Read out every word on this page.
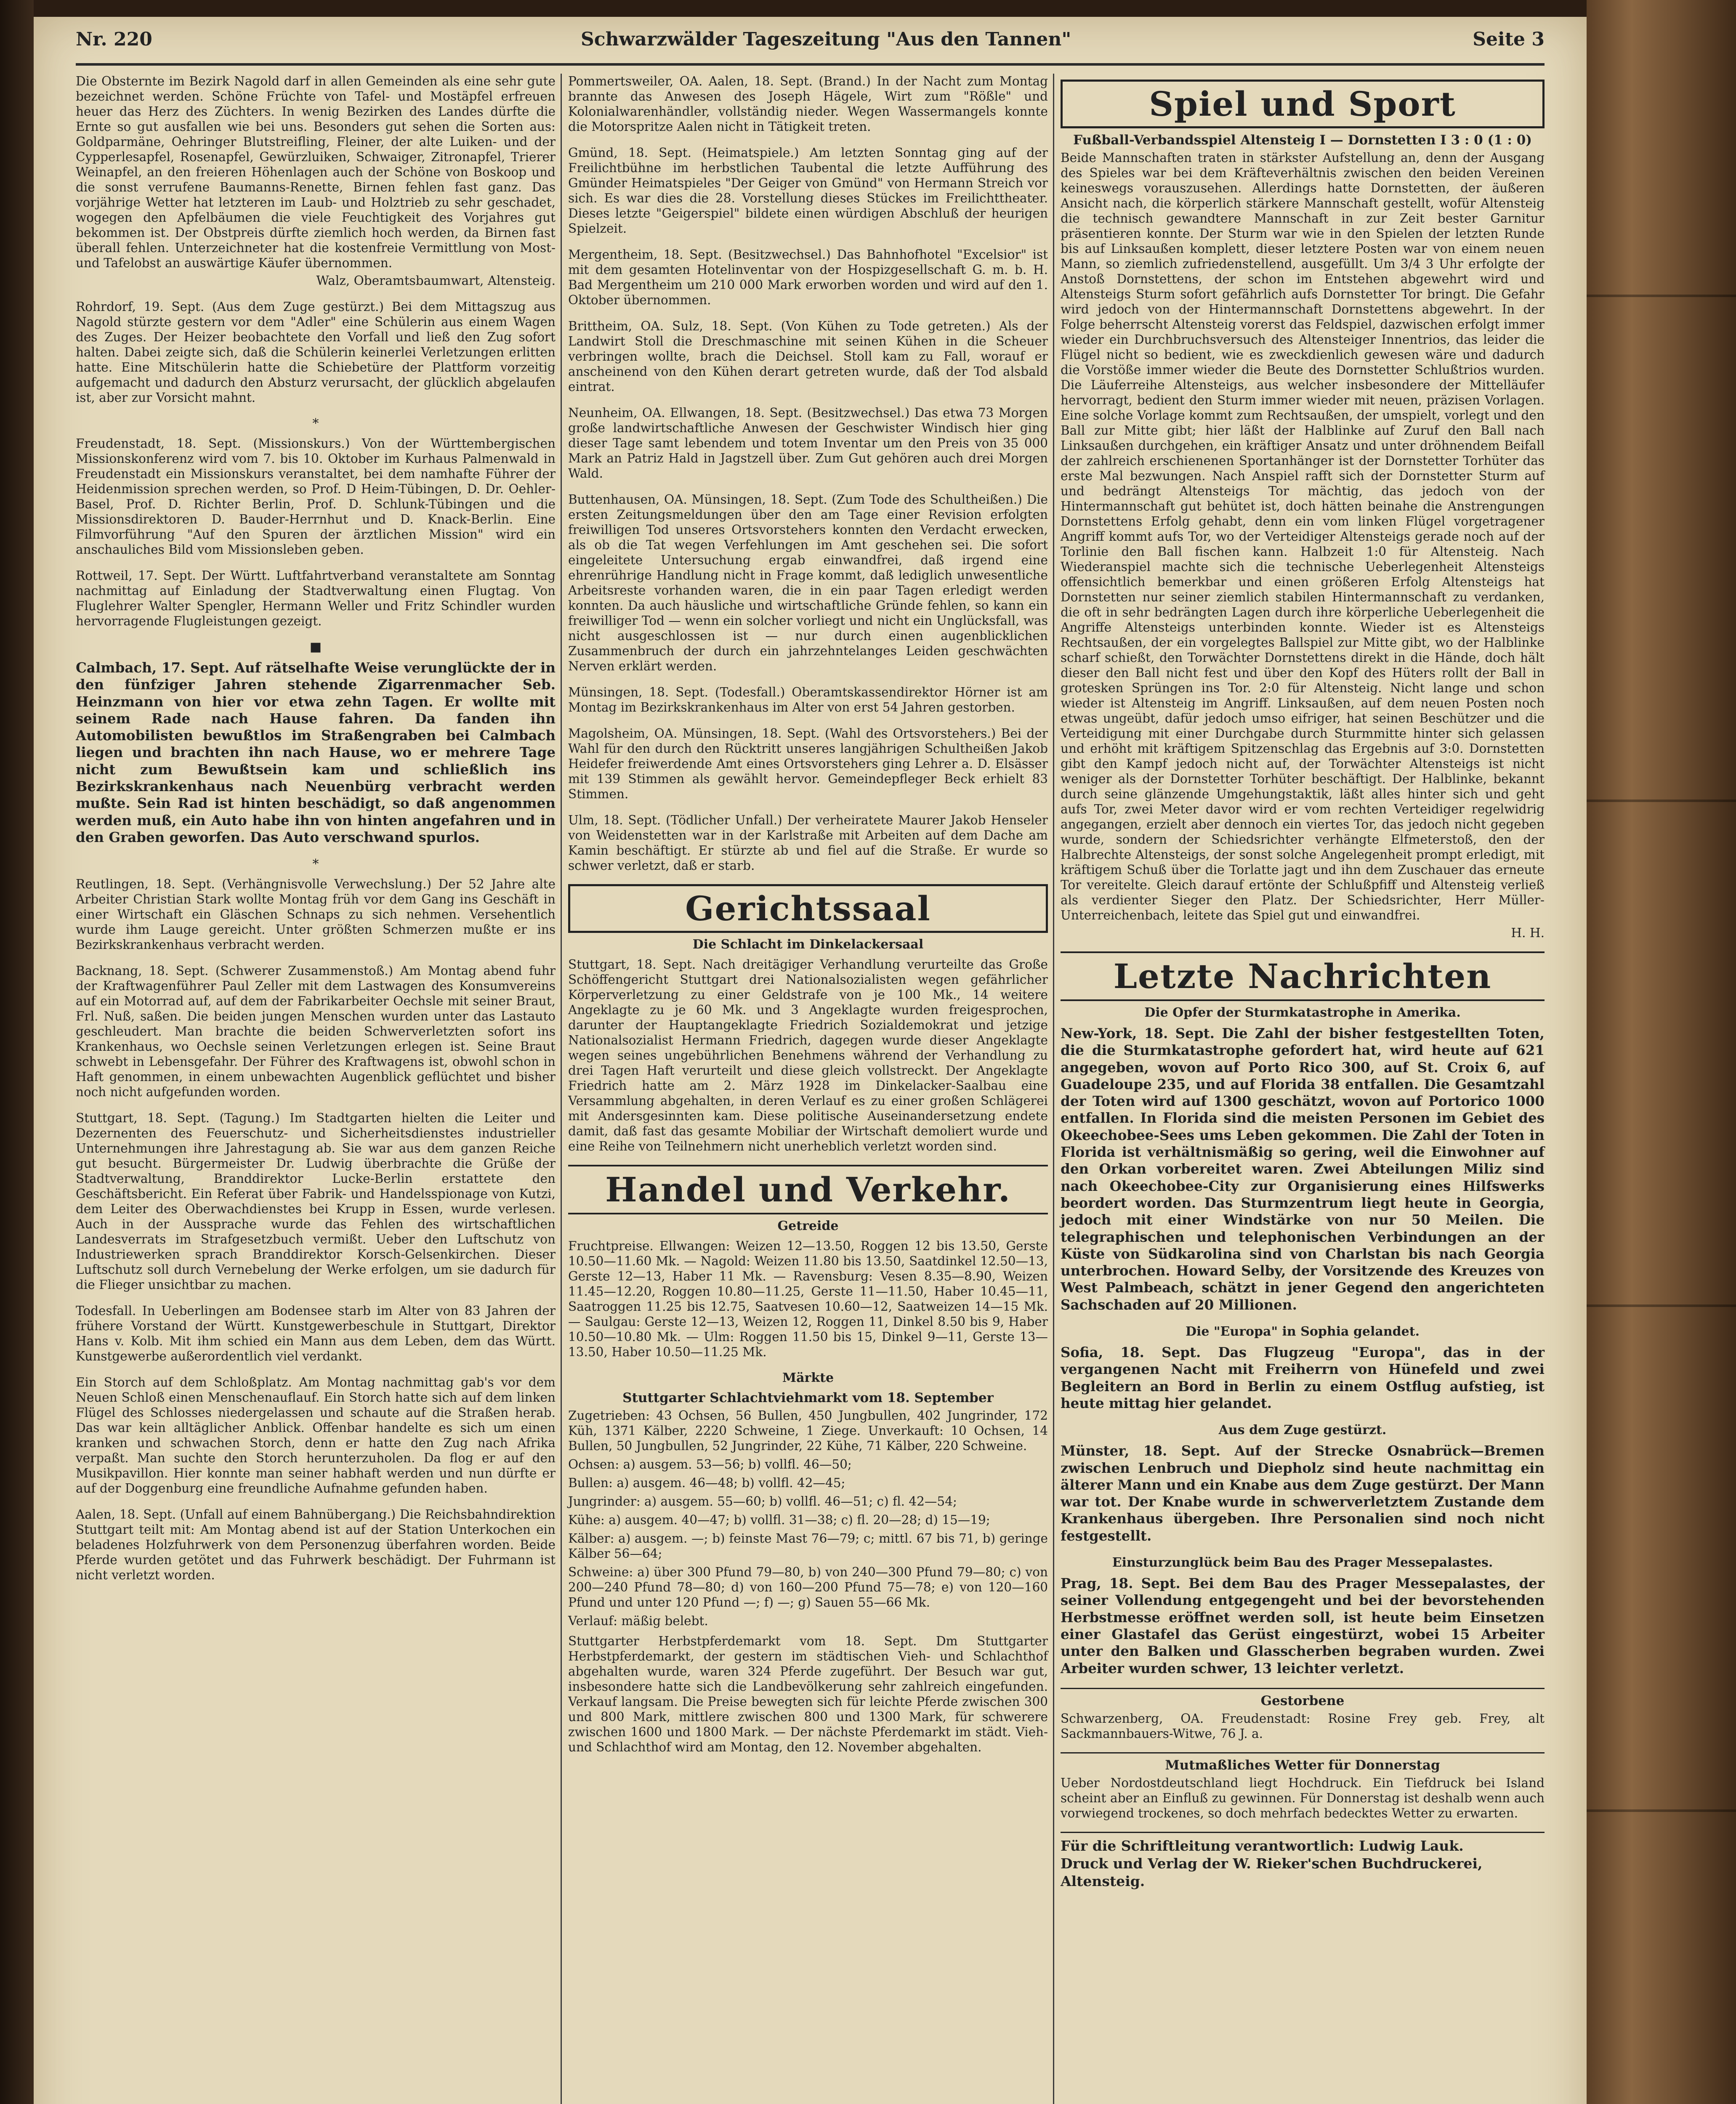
Nr. 220	Schwarzwälder Tageszeitung "Aus den Tannen"	Seite 3

Die Obsternte im Bezirk Nagold darf in allen Gemeinden als eine sehr gute bezeichnet werden. Schöne Früchte von Tafel- und Mostäpfel erfreuen heuer das Herz des Züchters. In wenig Bezirken des Landes dürfte die Ernte so gut ausfallen wie bei uns. Besonders gut sehen die Sorten aus: Goldparmäne, Oehringer Blutstreifling, Fleiner, der alte Luiken- und der Cypperlesapfel, Rosenapfel, Gewürzluiken, Schwaiger, Zitronapfel, Trierer Weinapfel, an den freieren Höhenlagen auch der Schöne von Boskoop und die sonst verrufene Baumanns-Renette, Birnen fehlen fast ganz. Das vorjährige Wetter hat letzteren im Laub- und Holztrieb zu sehr geschadet, wogegen den Apfelbäumen die viele Feuchtigkeit des Vorjahres gut bekommen ist. Der Obstpreis dürfte ziemlich hoch werden, da Birnen fast überall fehlen. Unterzeichneter hat die kostenfreie Vermittlung von Most- und Tafelobst an auswärtige Käufer übernommen.

Walz, Oberamtsbaumwart, Altensteig.

Rohrdorf, 19. Sept. (Aus dem Zuge gestürzt.) Bei dem Mittagszug aus Nagold stürzte gestern vor dem "Adler" eine Schülerin aus einem Wagen des Zuges. Der Heizer beobachtete den Vorfall und ließ den Zug sofort halten. Dabei zeigte sich, daß die Schülerin keinerlei Verletzungen erlitten hatte. Eine Mitschülerin hatte die Schiebetüre der Plattform vorzeitig aufgemacht und dadurch den Absturz verursacht, der glücklich abgelaufen ist, aber zur Vorsicht mahnt.

*

Freudenstadt, 18. Sept. (Missionskurs.) Von der Württembergischen Missionskonferenz wird vom 7. bis 10. Oktober im Kurhaus Palmenwald in Freudenstadt ein Missionskurs veranstaltet, bei dem namhafte Führer der Heidenmission sprechen werden, so Prof. D Heim-Tübingen, D. Dr. Oehler-Basel, Prof. D. Richter Berlin, Prof. D. Schlunk-Tübingen und die Missionsdirektoren D. Bauder-Herrnhut und D. Knack-Berlin. Eine Filmvorführung "Auf den Spuren der ärztlichen Mission" wird ein anschauliches Bild vom Missionsleben geben.

Rottweil, 17. Sept. Der Württ. Luftfahrtverband veranstaltete am Sonntag nachmittag auf Einladung der Stadtverwaltung einen Flugtag. Von Fluglehrer Walter Spengler, Hermann Weller und Fritz Schindler wurden hervorragende Flugleistungen gezeigt.

■

Calmbach, 17. Sept. Auf rätselhafte Weise verunglückte der in den fünfziger Jahren stehende Zigarrenmacher Seb. Heinzmann von hier vor etwa zehn Tagen. Er wollte mit seinem Rade nach Hause fahren. Da fanden ihn Automobilisten bewußtlos im Straßengraben bei Calmbach liegen und brachten ihn nach Hause, wo er mehrere Tage nicht zum Bewußtsein kam und schließlich ins Bezirkskrankenhaus nach Neuenbürg verbracht werden mußte. Sein Rad ist hinten beschädigt, so daß angenommen werden muß, ein Auto habe ihn von hinten angefahren und in den Graben geworfen. Das Auto verschwand spurlos.

*

Reutlingen, 18. Sept. (Verhängnisvolle Verwechslung.) Der 52 Jahre alte Arbeiter Christian Stark wollte Montag früh vor dem Gang ins Geschäft in einer Wirtschaft ein Gläschen Schnaps zu sich nehmen. Versehentlich wurde ihm Lauge gereicht. Unter größten Schmerzen mußte er ins Bezirkskrankenhaus verbracht werden.

Backnang, 18. Sept. (Schwerer Zusammenstoß.) Am Montag abend fuhr der Kraftwagenführer Paul Zeller mit dem Lastwagen des Konsumvereins auf ein Motorrad auf, auf dem der Fabrikarbeiter Oechsle mit seiner Braut, Frl. Nuß, saßen. Die beiden jungen Menschen wurden unter das Lastauto geschleudert. Man brachte die beiden Schwerverletzten sofort ins Krankenhaus, wo Oechsle seinen Verletzungen erlegen ist. Seine Braut schwebt in Lebensgefahr. Der Führer des Kraftwagens ist, obwohl schon in Haft genommen, in einem unbewachten Augenblick geflüchtet und bisher noch nicht aufgefunden worden.

Stuttgart, 18. Sept. (Tagung.) Im Stadtgarten hielten die Leiter und Dezernenten des Feuerschutz- und Sicherheitsdienstes industrieller Unternehmungen ihre Jahrestagung ab. Sie war aus dem ganzen Reiche gut besucht. Bürgermeister Dr. Ludwig überbrachte die Grüße der Stadtverwaltung, Branddirektor Lucke-Berlin erstattete den Geschäftsbericht. Ein Referat über Fabrik- und Handelsspionage von Kutzi, dem Leiter des Oberwachdienstes bei Krupp in Essen, wurde verlesen. Auch in der Aussprache wurde das Fehlen des wirtschaftlichen Landesverrats im Strafgesetzbuch vermißt. Ueber den Luftschutz von Industriewerken sprach Branddirektor Korsch-Gelsenkirchen. Dieser Luftschutz soll durch Vernebelung der Werke erfolgen, um sie dadurch für die Flieger unsichtbar zu machen.

Todesfall. In Ueberlingen am Bodensee starb im Alter von 83 Jahren der frühere Vorstand der Württ. Kunstgewerbeschule in Stuttgart, Direktor Hans v. Kolb. Mit ihm schied ein Mann aus dem Leben, dem das Württ. Kunstgewerbe außerordentlich viel verdankt.

Ein Storch auf dem Schloßplatz. Am Montag nachmittag gab's vor dem Neuen Schloß einen Menschenauflauf. Ein Storch hatte sich auf dem linken Flügel des Schlosses niedergelassen und schaute auf die Straßen herab. Das war kein alltäglicher Anblick. Offenbar handelte es sich um einen kranken und schwachen Storch, denn er hatte den Zug nach Afrika verpaßt. Man suchte den Storch herunterzuholen. Da flog er auf den Musikpavillon. Hier konnte man seiner habhaft werden und nun dürfte er auf der Doggenburg eine freundliche Aufnahme gefunden haben.

Aalen, 18. Sept. (Unfall auf einem Bahnübergang.) Die Reichsbahndirektion Stuttgart teilt mit: Am Montag abend ist auf der Station Unterkochen ein beladenes Holzfuhrwerk von dem Personenzug überfahren worden. Beide Pferde wurden getötet und das Fuhrwerk beschädigt. Der Fuhrmann ist nicht verletzt worden.

Pommertsweiler, OA. Aalen, 18. Sept. (Brand.) In der Nacht zum Montag brannte das Anwesen des Joseph Hägele, Wirt zum "Rößle" und Kolonialwarenhändler, vollständig nieder. Wegen Wassermangels konnte die Motorspritze Aalen nicht in Tätigkeit treten.

Gmünd, 18. Sept. (Heimatspiele.) Am letzten Sonntag ging auf der Freilichtbühne im herbstlichen Taubental die letzte Aufführung des Gmünder Heimatspieles "Der Geiger von Gmünd" von Hermann Streich vor sich. Es war dies die 28. Vorstellung dieses Stückes im Freilichttheater. Dieses letzte "Geigerspiel" bildete einen würdigen Abschluß der heurigen Spielzeit.

Mergentheim, 18. Sept. (Besitzwechsel.) Das Bahnhofhotel "Excelsior" ist mit dem gesamten Hotelinventar von der Hospizgesellschaft G. m. b. H. Bad Mergentheim um 210 000 Mark erworben worden und wird auf den 1. Oktober übernommen.

Brittheim, OA. Sulz, 18. Sept. (Von Kühen zu Tode getreten.) Als der Landwirt Stoll die Dreschmaschine mit seinen Kühen in die Scheuer verbringen wollte, brach die Deichsel. Stoll kam zu Fall, worauf er anscheinend von den Kühen derart getreten wurde, daß der Tod alsbald eintrat.

Neunheim, OA. Ellwangen, 18. Sept. (Besitzwechsel.) Das etwa 73 Morgen große landwirtschaftliche Anwesen der Geschwister Windisch hier ging dieser Tage samt lebendem und totem Inventar um den Preis von 35 000 Mark an Patriz Hald in Jagstzell über. Zum Gut gehören auch drei Morgen Wald.

Buttenhausen, OA. Münsingen, 18. Sept. (Zum Tode des Schultheißen.) Die ersten Zeitungsmeldungen über den am Tage einer Revision erfolgten freiwilligen Tod unseres Ortsvorstehers konnten den Verdacht erwecken, als ob die Tat wegen Verfehlungen im Amt geschehen sei. Die sofort eingeleitete Untersuchung ergab einwandfrei, daß irgend eine ehrenrührige Handlung nicht in Frage kommt, daß lediglich unwesentliche Arbeitsreste vorhanden waren, die in ein paar Tagen erledigt werden konnten. Da auch häusliche und wirtschaftliche Gründe fehlen, so kann ein freiwilliger Tod — wenn ein solcher vorliegt und nicht ein Unglücksfall, was nicht ausgeschlossen ist — nur durch einen augenblicklichen Zusammenbruch der durch ein jahrzehntelanges Leiden geschwächten Nerven erklärt werden.

Münsingen, 18. Sept. (Todesfall.) Oberamtskassendirektor Hörner ist am Montag im Bezirkskrankenhaus im Alter von erst 54 Jahren gestorben.

Magolsheim, OA. Münsingen, 18. Sept. (Wahl des Ortsvorstehers.) Bei der Wahl für den durch den Rücktritt unseres langjährigen Schultheißen Jakob Heidefer freiwerdende Amt eines Ortsvorstehers ging Lehrer a. D. Elsässer mit 139 Stimmen als gewählt hervor. Gemeindepfleger Beck erhielt 83 Stimmen.

Ulm, 18. Sept. (Tödlicher Unfall.) Der verheiratete Maurer Jakob Henseler von Weidenstetten war in der Karlstraße mit Arbeiten auf dem Dache am Kamin beschäftigt. Er stürzte ab und fiel auf die Straße. Er wurde so schwer verletzt, daß er starb.

Gerichtssaal
Die Schlacht im Dinkelackersaal

Stuttgart, 18. Sept. Nach dreitägiger Verhandlung verurteilte das Große Schöffengericht Stuttgart drei Nationalsozialisten wegen gefährlicher Körperverletzung zu einer Geldstrafe von je 100 Mk., 14 weitere Angeklagte zu je 60 Mk. und 3 Angeklagte wurden freigesprochen, darunter der Hauptangeklagte Friedrich Sozialdemokrat und jetzige Nationalsozialist Hermann Friedrich, dagegen wurde dieser Angeklagte wegen seines ungebührlichen Benehmens während der Verhandlung zu drei Tagen Haft verurteilt und diese gleich vollstreckt. Der Angeklagte Friedrich hatte am 2. März 1928 im Dinkelacker-Saalbau eine Versammlung abgehalten, in deren Verlauf es zu einer großen Schlägerei mit Andersgesinnten kam. Diese politische Auseinandersetzung endete damit, daß fast das gesamte Mobiliar der Wirtschaft demoliert wurde und eine Reihe von Teilnehmern nicht unerheblich verletzt worden sind.

Handel und Verkehr.
Getreide

Fruchtpreise. Ellwangen: Weizen 12—13.50, Roggen 12 bis 13.50, Gerste 10.50—11.60 Mk. — Nagold: Weizen 11.80 bis 13.50, Saatdinkel 12.50—13, Gerste 12—13, Haber 11 Mk. — Ravensburg: Vesen 8.35—8.90, Weizen 11.45—12.20, Roggen 10.80—11.25, Gerste 11—11.50, Haber 10.45—11, Saatroggen 11.25 bis 12.75, Saatvesen 10.60—12, Saatweizen 14—15 Mk. — Saulgau: Gerste 12—13, Weizen 12, Roggen 11, Dinkel 8.50 bis 9, Haber 10.50—10.80 Mk. — Ulm: Roggen 11.50 bis 15, Dinkel 9—11, Gerste 13—13.50, Haber 10.50—11.25 Mk.

Märkte
Stuttgarter Schlachtviehmarkt vom 18. September

Zugetrieben: 43 Ochsen, 56 Bullen, 450 Jungbullen, 402 Jungrinder, 172 Küh, 1371 Kälber, 2220 Schweine, 1 Ziege. Unverkauft: 10 Ochsen, 14 Bullen, 50 Jungbullen, 52 Jungrinder, 22 Kühe, 71 Kälber, 220 Schweine.

Ochsen: a) ausgem. 53—56; b) vollfl. 46—50;
Bullen: a) ausgem. 46—48; b) vollfl. 42—45;
Jungrinder: a) ausgem. 55—60; b) vollfl. 46—51; c) fl. 42—54;
Kühe: a) ausgem. 40—47; b) vollfl. 31—38; c) fl. 20—28; d) 15—19;
Kälber: a) ausgem. —; b) feinste Mast 76—79; c; mittl. 67 bis 71, b) geringe Kälber 56—64;
Schweine: a) über 300 Pfund 79—80, b) von 240—300 Pfund 79—80; c) von 200—240 Pfund 78—80; d) von 160—200 Pfund 75—78; e) von 120—160 Pfund und unter 120 Pfund —; f) —; g) Sauen 55—66 Mk.
Verlauf: mäßig belebt.

Stuttgarter Herbstpferdemarkt vom 18. Sept. Dm Stuttgarter Herbstpferdemarkt, der gestern im städtischen Vieh- und Schlachthof abgehalten wurde, waren 324 Pferde zugeführt. Der Besuch war gut, insbesondere hatte sich die Landbevölkerung sehr zahlreich eingefunden. Verkauf langsam. Die Preise bewegten sich für leichte Pferde zwischen 300 und 800 Mark, mittlere zwischen 800 und 1300 Mark, für schwerere zwischen 1600 und 1800 Mark. — Der nächste Pferdemarkt im städt. Vieh- und Schlachthof wird am Montag, den 12. November abgehalten.

Spiel und Sport
Fußball-Verbandsspiel Altensteig I — Dornstetten I 3 : 0 (1 : 0)

Beide Mannschaften traten in stärkster Aufstellung an, denn der Ausgang des Spieles war bei dem Kräfteverhältnis zwischen den beiden Vereinen keineswegs vorauszusehen. Allerdings hatte Dornstetten, der äußeren Ansicht nach, die körperlich stärkere Mannschaft gestellt, wofür Altensteig die technisch gewandtere Mannschaft in zur Zeit bester Garnitur präsentieren konnte. Der Sturm war wie in den Spielen der letzten Runde bis auf Linksaußen komplett, dieser letztere Posten war von einem neuen Mann, so ziemlich zufriedenstellend, ausgefüllt. Um 3/4 3 Uhr erfolgte der Anstoß Dornstettens, der schon im Entstehen abgewehrt wird und Altensteigs Sturm sofort gefährlich aufs Dornstetter Tor bringt. Die Gefahr wird jedoch von der Hintermannschaft Dornstettens abgewehrt. In der Folge beherrscht Altensteig vorerst das Feldspiel, dazwischen erfolgt immer wieder ein Durchbruchsversuch des Altensteiger Innentrios, das leider die Flügel nicht so bedient, wie es zweckdienlich gewesen wäre und dadurch die Vorstöße immer wieder die Beute des Dornstetter Schlußtrios wurden. Die Läuferreihe Altensteigs, aus welcher insbesondere der Mittelläufer hervorragt, bedient den Sturm immer wieder mit neuen, präzisen Vorlagen. Eine solche Vorlage kommt zum Rechtsaußen, der umspielt, vorlegt und den Ball zur Mitte gibt; hier läßt der Halblinke auf Zuruf den Ball nach Linksaußen durchgehen, ein kräftiger Ansatz und unter dröhnendem Beifall der zahlreich erschienenen Sportanhänger ist der Dornstetter Torhüter das erste Mal bezwungen. Nach Anspiel rafft sich der Dornstetter Sturm auf und bedrängt Altensteigs Tor mächtig, das jedoch von der Hintermannschaft gut behütet ist, doch hätten beinahe die Anstrengungen Dornstettens Erfolg gehabt, denn ein vom linken Flügel vorgetragener Angriff kommt aufs Tor, wo der Verteidiger Altensteigs gerade noch auf der Torlinie den Ball fischen kann. Halbzeit 1:0 für Altensteig. Nach Wiederanspiel machte sich die technische Ueberlegenheit Altensteigs offensichtlich bemerkbar und einen größeren Erfolg Altensteigs hat Dornstetten nur seiner ziemlich stabilen Hintermannschaft zu verdanken, die oft in sehr bedrängten Lagen durch ihre körperliche Ueberlegenheit die Angriffe Altensteigs unterbinden konnte. Wieder ist es Altensteigs Rechtsaußen, der ein vorgelegtes Ballspiel zur Mitte gibt, wo der Halblinke scharf schießt, den Torwächter Dornstettens direkt in die Hände, doch hält dieser den Ball nicht fest und über den Kopf des Hüters rollt der Ball in grotesken Sprüngen ins Tor. 2:0 für Altensteig. Nicht lange und schon wieder ist Altensteig im Angriff. Linksaußen, auf dem neuen Posten noch etwas ungeübt, dafür jedoch umso eifriger, hat seinen Beschützer und die Verteidigung mit einer Durchgabe durch Sturmmitte hinter sich gelassen und erhöht mit kräftigem Spitzenschlag das Ergebnis auf 3:0. Dornstetten gibt den Kampf jedoch nicht auf, der Torwächter Altensteigs ist nicht weniger als der Dornstetter Torhüter beschäftigt. Der Halblinke, bekannt durch seine glänzende Umgehungstaktik, läßt alles hinter sich und geht aufs Tor, zwei Meter davor wird er vom rechten Verteidiger regelwidrig angegangen, erzielt aber dennoch ein viertes Tor, das jedoch nicht gegeben wurde, sondern der Schiedsrichter verhängte Elfmeterstoß, den der Halbrechte Altensteigs, der sonst solche Angelegenheit prompt erledigt, mit kräftigem Schuß über die Torlatte jagt und ihn dem Zuschauer das erneute Tor vereitelte. Gleich darauf ertönte der Schlußpfiff und Altensteig verließ als verdienter Sieger den Platz. Der Schiedsrichter, Herr Müller-Unterreichenbach, leitete das Spiel gut und einwandfrei.

H. H.

Letzte Nachrichten
Die Opfer der Sturmkatastrophe in Amerika.

New-York, 18. Sept. Die Zahl der bisher festgestellten Toten, die die Sturmkatastrophe gefordert hat, wird heute auf 621 angegeben, wovon auf Porto Rico 300, auf St. Croix 6, auf Guadeloupe 235, und auf Florida 38 entfallen. Die Gesamtzahl der Toten wird auf 1300 geschätzt, wovon auf Portorico 1000 entfallen. In Florida sind die meisten Personen im Gebiet des Okeechobee-Sees ums Leben gekommen. Die Zahl der Toten in Florida ist verhältnismäßig so gering, weil die Einwohner auf den Orkan vorbereitet waren. Zwei Abteilungen Miliz sind nach Okeechobee-City zur Organisierung eines Hilfswerks beordert worden. Das Sturmzentrum liegt heute in Georgia, jedoch mit einer Windstärke von nur 50 Meilen. Die telegraphischen und telephonischen Verbindungen an der Küste von Südkarolina sind von Charlstan bis nach Georgia unterbrochen. Howard Selby, der Vorsitzende des Kreuzes von West Palmbeach, schätzt in jener Gegend den angerichteten Sachschaden auf 20 Millionen.

Die "Europa" in Sophia gelandet.

Sofia, 18. Sept. Das Flugzeug "Europa", das in der vergangenen Nacht mit Freiherrn von Hünefeld und zwei Begleitern an Bord in Berlin zu einem Ostflug aufstieg, ist heute mittag hier gelandet.

Aus dem Zuge gestürzt.

Münster, 18. Sept. Auf der Strecke Osnabrück—Bremen zwischen Lenbruch und Diepholz sind heute nachmittag ein älterer Mann und ein Knabe aus dem Zuge gestürzt. Der Mann war tot. Der Knabe wurde in schwerverletztem Zustande dem Krankenhaus übergeben. Ihre Personalien sind noch nicht festgestellt.

Einsturzunglück beim Bau des Prager Messepalastes.

Prag, 18. Sept. Bei dem Bau des Prager Messepalastes, der seiner Vollendung entgegengeht und bei der bevorstehenden Herbstmesse eröffnet werden soll, ist heute beim Einsetzen einer Glastafel das Gerüst eingestürzt, wobei 15 Arbeiter unter den Balken und Glasscherben begraben wurden. Zwei Arbeiter wurden schwer, 13 leichter verletzt.

Gestorbene

Schwarzenberg, OA. Freudenstadt: Rosine Frey geb. Frey, alt Sackmannbauers-Witwe, 76 J. a.

Mutmaßliches Wetter für Donnerstag

Ueber Nordostdeutschland liegt Hochdruck. Ein Tiefdruck bei Island scheint aber an Einfluß zu gewinnen. Für Donnerstag ist deshalb wenn auch vorwiegend trockenes, so doch mehrfach bedecktes Wetter zu erwarten.

Für die Schriftleitung verantwortlich: Ludwig Lauk.
Druck und Verlag der W. Rieker'schen Buchdruckerei, Altensteig.
